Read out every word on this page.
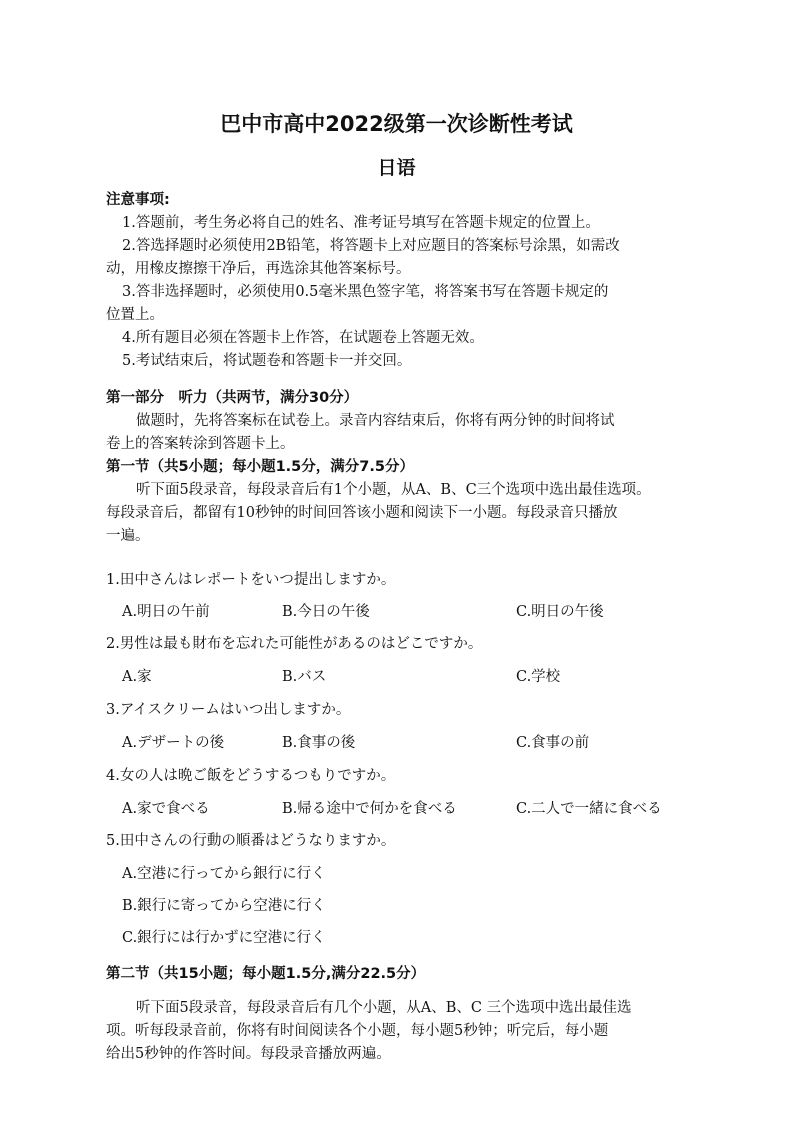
巴中市高中2022级第一次诊断性考试
日语
注意事项:
1.答题前，考生务必将自己的姓名、准考证号填写在答题卡规定的位置上。
2.答选择题时必须使用2B铅笔，将答题卡上对应题目的答案标号涂黑，如需改
动，用橡皮擦擦干净后，再选涂其他答案标号。
3.答非选择题时，必须使用0.5毫米黑色签字笔，将答案书写在答题卡规定的
位置上。
4.所有题目必须在答题卡上作答，在试题卷上答题无效。
5.考试结束后，将试题卷和答题卡一并交回。
第一部分　听力（共两节，满分30分）
做题时，先将答案标在试卷上。录音内容结束后，你将有两分钟的时间将试
卷上的答案转涂到答题卡上。
第一节（共5小题；每小题1.5分，满分7.5分）
听下面5段录音，每段录音后有1个小题，从A、B、C三个选项中选出最佳选项。
每段录音后，都留有10秒钟的时间回答该小题和阅读下一小题。每段录音只播放
一遍。
1.田中さんはレポートをいつ提出しますか。
A.明日の午前	B.今日の午後	C.明日の午後
2.男性は最も財布を忘れた可能性があるのはどこですか。
A.家	B.バス	C.学校
3.アイスクリームはいつ出しますか。
A.デザートの後	B.食事の後	C.食事の前
4.女の人は晩ご飯をどうするつもりですか。
A.家で食べる	B.帰る途中で何かを食べる	C.二人で一緒に食べる
5.田中さんの行動の順番はどうなりますか。
A.空港に行ってから銀行に行く
B.銀行に寄ってから空港に行く
C.銀行には行かずに空港に行く
第二节（共15小题；每小题1.5分,满分22.5分）
听下面5段录音，每段录音后有几个小题，从A、B、C 三个选项中选出最佳选
项。听每段录音前，你将有时间阅读各个小题，每小题5秒钟；听完后，每小题
给出5秒钟的作答时间。每段录音播放两遍。
